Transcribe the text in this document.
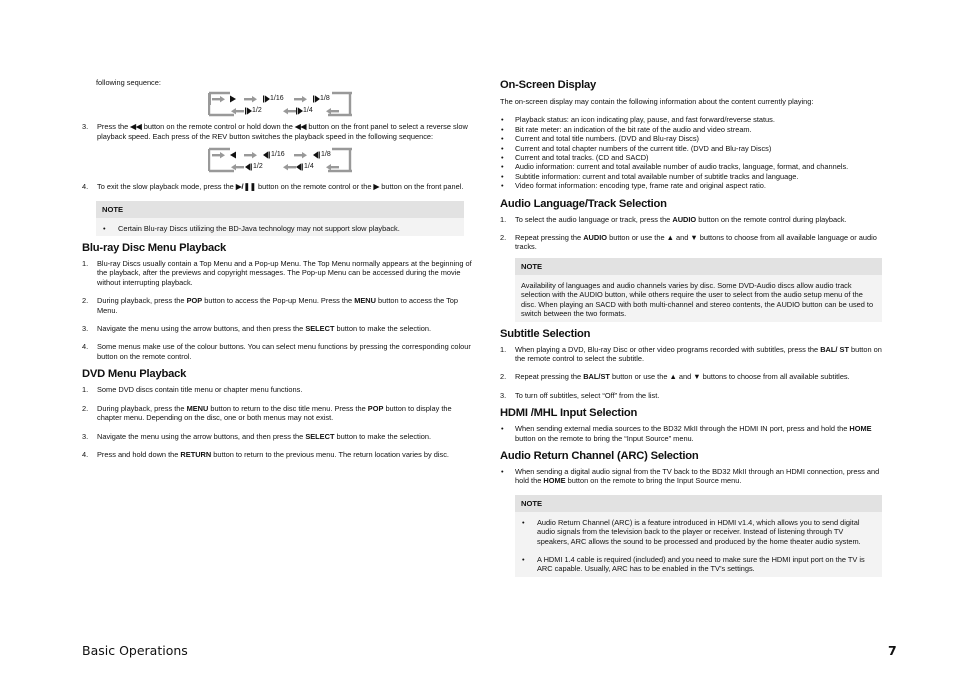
following sequence:

1/16	1/8
1/2	1/4
3. Press the ◀◀ button on the remote control or hold down the ◀◀ button on the front panel to select a reverse slow playback speed. Each press of the REV button switches the playback speed in the following sequence:

1/16	1/8
1/2	1/4
4. To exit the slow playback mode, press the ▶/❚❚ button on the remote control or the ▶ button on the front panel.

NOTE
• Certain Blu-ray Discs utilizing the BD-Java technology may not support slow playback.
Blu-ray Disc Menu Playback
1. Blu-ray Discs usually contain a Top Menu and a Pop-up Menu. The Top Menu normally appears at the beginning of the playback, after the previews and copyright messages. The Pop-up Menu can be accessed during the movie without interrupting playback.

2. During playback, press the POP button to access the Pop-up Menu. Press the MENU button to access the Top Menu.

3. Navigate the menu using the arrow buttons, and then press the SELECT button to make the selection.

4. Some menus make use of the colour buttons. You can select menu functions by pressing the corresponding colour button on the remote control.

DVD Menu Playback
1. Some DVD discs contain title menu or chapter menu functions.

2. During playback, press the MENU button to return to the disc title menu. Press the POP button to display the chapter menu. Depending on the disc, one or both menus may not exist.

3. Navigate the menu using the arrow buttons, and then press the SELECT button to make the selection.

4. Press and hold down the RETURN button to return to the previous menu. The return location varies by disc.

On-Screen Display

The on-screen display may contain the following information about the content currently playing:

• Playback status: an icon indicating play, pause, and fast forward/reverse status.
• Bit rate meter: an indication of the bit rate of the audio and video stream.
• Current and total title numbers. (DVD and Blu-ray Discs)
• Current and total chapter numbers of the current title. (DVD and Blu-ray Discs)
• Current and total tracks. (CD and SACD)
• Audio information: current and total available number of audio tracks, language, format, and channels.
• Subtitle information: current and total available number of subtitle tracks and language.
• Video format information: encoding type, frame rate and original aspect ratio.
Audio Language/Track Selection
1. To select the audio language or track, press the AUDIO button on the remote control during playback.

2. Repeat pressing the AUDIO button or use the ▲ and ▼ buttons to choose from all available language or audio tracks.

NOTE
Availability of languages and audio channels varies by disc. Some DVD-Audio discs allow audio track selection with the AUDIO button, while others require the user to select from the audio setup menu of the disc. When playing an SACD with both multi-channel and stereo contents, the AUDIO button can be used to switch between the two formats.
Subtitle Selection
1. When playing a DVD, Blu-ray Disc or other video programs recorded with subtitles, press the BAL/ ST button on the remote control to select the subtitle.

2. Repeat pressing the BAL/ST button or use the ▲ and ▼ buttons to choose from all available subtitles.

3. To turn off subtitles, select “Off” from the list.

HDMI /MHL Input Selection
• When sending external media sources to the BD32 MkII through the HDMI IN port, press and hold the HOME button on the remote to bring the “Input Source” menu.

Audio Return Channel (ARC) Selection
• When sending a digital audio signal from the TV back to the BD32 MkII through an HDMI connection, press and hold the HOME button on the remote to bring the Input Source menu.

NOTE
• Audio Return Channel (ARC) is a feature introduced in HDMI v1.4, which allows you to send digital audio signals from the television back to the player or receiver. Instead of listening through TV speakers, ARC allows the sound to be processed and produced by the home theater audio system.
• A HDMI 1.4 cable is required (included) and you need to make sure the HDMI input port on the TV is ARC capable. Usually, ARC has to be enabled in the TV’s settings.
Basic Operations	7
